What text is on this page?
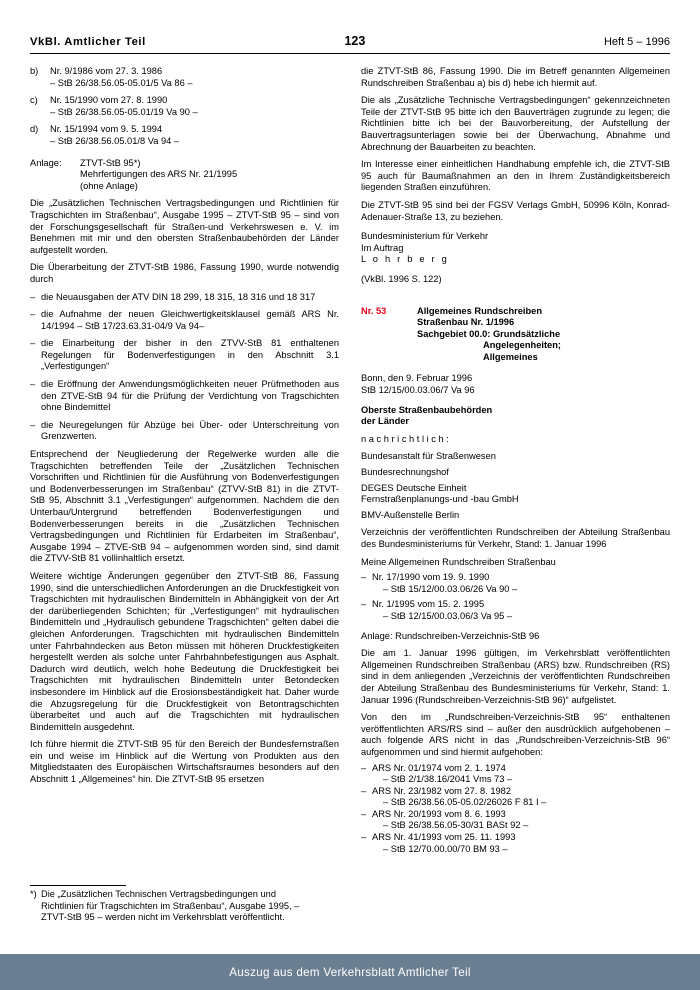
VkBl. Amtlicher Teil	123	Heft 5 – 1996
b)	Nr. 9/1986 vom 27. 3. 1986
– StB 26/38.56.05-05.01/5 Va 86 –
c)	Nr. 15/1990 vom 27. 8. 1990
– StB 26/38.56.05-05.01/19 Va 90 –
d)	Nr. 15/1994 vom 9. 5. 1994
– StB 26/38.56.05.01/8 Va 94 –
Anlage:	ZTVT-StB 95*)
Mehrfertigungen des ARS Nr. 21/1995
(ohne Anlage)

Die „Zusätzlichen Technischen Vertragsbedingungen und Richtlinien für Tragschichten im Straßenbau“, Ausgabe 1995 – ZTVT-StB 95 – sind von der Forschungsgesellschaft für Straßen-und Verkehrswesen e. V. im Benehmen mit mir und den obersten Straßenbaubehörden der Länder aufgestellt worden.

Die Überarbeitung der ZTVT-StB 1986, Fassung 1990, wurde notwendig durch

– die Neuausgaben der ATV DIN 18 299, 18 315, 18 316 und 18 317
– die Aufnahme der neuen Gleichwertigkeitsklausel gemäß ARS Nr. 14/1994 – StB 17/23.63.31-04/9 Va 94–
– die Einarbeitung der bisher in den ZTVV-StB 81 enthaltenen Regelungen für Bodenverfestigungen in den Abschnitt 3.1 „Verfestigungen“
– die Eröffnung der Anwendungsmöglichkeiten neuer Prüfmethoden aus den ZTVE-StB 94 für die Prüfung der Verdichtung von Tragschichten ohne Bindemittel
– die Neuregelungen für Abzüge bei Über- oder Unterschreitung von Grenzwerten.

Entsprechend der Neugliederung der Regelwerke wurden alle die Tragschichten betreffenden Teile der „Zusätzlichen Technischen Vorschriften und Richtlinien für die Ausführung von Bodenverfestigungen und Bodenverbesserungen im Straßenbau“ (ZTVV-StB 81) in die ZTVT-StB 95, Abschnitt 3.1 „Verfestigungen“ aufgenommen. Nachdem die den Unterbau/Untergrund betreffenden Bodenverfestigungen und Bodenverbesserungen bereits in die „Zusätzlichen Technischen Vertragsbedingungen und Richtlinien für Erdarbeiten im Straßenbau“, Ausgabe 1994 – ZTVE-StB 94 – aufgenommen worden sind, sind damit die ZTVV-StB 81 vollinhaltlich ersetzt.

Weitere wichtige Änderungen gegenüber den ZTVT-StB 86, Fassung 1990, sind die unterschiedlichen Anforderungen an die Druckfestigkeit von Tragschichten mit hydraulischen Bindemitteln in Abhängigkeit von der Art der darüberliegenden Schichten; für „Verfestigungen“ mit hydraulischen Bindemitteln und „Hydraulisch gebundene Tragschichten“ gelten dabei die gleichen Anforderungen. Tragschichten mit hydraulischen Bindemitteln unter Fahrbahndecken aus Beton müssen mit höheren Druckfestigkeiten hergestellt werden als solche unter Fahrbahnbefestigungen aus Asphalt. Dadurch wird deutlich, welch hohe Bedeutung die Druckfestigkeit bei Tragschichten mit hydraulischen Bindemitteln unter Betondecken insbesondere im Hinblick auf die Erosionsbeständigkeit hat. Daher wurde die Abzugsregelung für die Druckfestigkeit von Betontragschichten überarbeitet und auch auf die Tragschichten mit hydraulischen Bindemitteln ausgedehnt.

Ich führe hiermit die ZTVT-StB 95 für den Bereich der Bundesfernstraßen ein und weise im Hinblick auf die Wertung von Produkten aus den Mitgliedstaaten des Europäischen Wirtschaftsraumes besonders auf den Abschnitt 1 „Allgemeines“ hin. Die ZTVT-StB 95 ersetzen

*) Die „Zusätzlichen Technischen Vertragsbedingungen und
Richtlinien für Tragschichten im Straßenbau“, Ausgabe 1995, –
ZTVT-StB 95 – werden nicht im Verkehrsblatt veröffentlicht.

die ZTVT-StB 86, Fassung 1990. Die im Betreff genannten Allgemeinen Rundschreiben Straßenbau a) bis d) hebe ich hiermit auf.

Die als „Zusätzliche Technische Vertragsbedingungen“ gekennzeichneten Teile der ZTVT-StB 95 bitte ich den Bauverträgen zugrunde zu legen; die Richtlinien bitte ich bei der Bauvorbereitung, der Aufstellung der Bauvertragsunterlagen sowie bei der Überwachung, Abnahme und Abrechnung der Bauarbeiten zu beachten.

Im Interesse einer einheitlichen Handhabung empfehle ich, die ZTVT-StB 95 auch für Baumaßnahmen an den in Ihrem Zuständigkeitsbereich liegenden Straßen einzuführen.

Die ZTVT-StB 95 sind bei der FGSV Verlags GmbH, 50996 Köln, Konrad-Adenauer-Straße 13, zu beziehen.

Bundesministerium für Verkehr
Im Auftrag
L o h r b e r g

(VkBl. 1996 S. 122)

Nr. 53	Allgemeines Rundschreiben
Straßenbau Nr. 1/1996
Sachgebiet 00.0: Grundsätzliche
Angelegenheiten;
Allgemeines
Bonn, den 9. Februar 1996
StB 12/15/00.03.06/7 Va 96
Oberste Straßenbaubehörden
der Länder
n a c h r i c h t l i c h :
Bundesanstalt für Straßenwesen
Bundesrechnungshof
DEGES Deutsche Einheit
Fernstraßenplanungs-und -bau GmbH
BMV-Außenstelle Berlin

Verzeichnis der veröffentlichten Rundschreiben der Abteilung Straßenbau des Bundesministeriums für Verkehr, Stand: 1. Januar 1996

Meine Allgemeinen Rundschreiben Straßenbau
– Nr. 17/1990 vom 19. 9. 1990
– StB 15/12/00.03.06/26 Va 90 –
– Nr. 1/1995 vom 15. 2. 1995
– StB 12/15/00.03.06/3 Va 95 –
Anlage: Rundschreiben-Verzeichnis-StB 96

Die am 1. Januar 1996 gültigen, im Verkehrsblatt veröffentlichten Allgemeinen Rundschreiben Straßenbau (ARS) bzw. Rundschreiben (RS) sind in dem anliegenden „Verzeichnis der veröffentlichten Rundschreiben der Abteilung Straßenbau des Bundesministeriums für Verkehr, Stand: 1. Januar 1996 (Rundschreiben-Verzeichnis-StB 96)“ aufgelistet.

Von den im „Rundschreiben-Verzeichnis-StB 95“ enthaltenen veröffentlichten ARS/RS sind – außer den ausdrücklich aufgehobenen – auch folgende ARS nicht in das „Rundschreiben-Verzeichnis-StB 96“ aufgenommen und sind hiermit aufgehoben:

– ARS Nr. 01/1974 vom 2. 1. 1974
– StB 2/1/38.16/2041 Vms 73 –
– ARS Nr. 23/1982 vom 27. 8. 1982
– StB 26/38.56.05-05.02/26026 F 81 I –
– ARS Nr. 20/1993 vom 8. 6. 1993
– StB 26/38.56.05-30/31 BASt 92 –
– ARS Nr. 41/1993 vom 25. 11. 1993
– StB 12/70.00.00/70 BM 93 –
Auszug aus dem Verkehrsblatt Amtlicher Teil
